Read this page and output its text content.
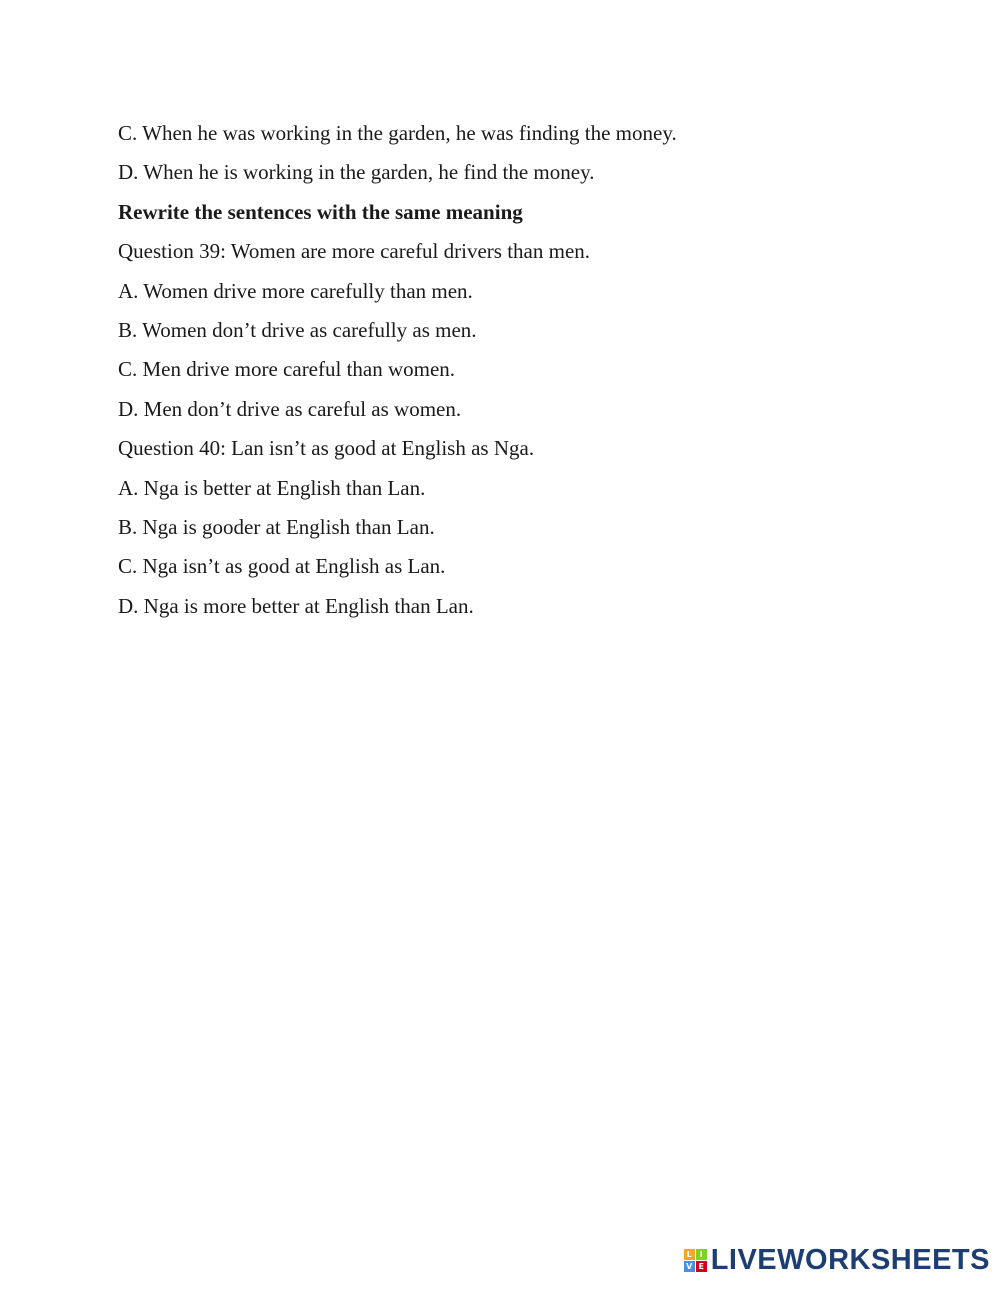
C. When he was working in the garden, he was finding the money.
D. When he is working in the garden, he find the money.
Rewrite the sentences with the same meaning
Question 39: Women are more careful drivers than men.
A. Women drive more carefully than men.
B. Women don’t drive as carefully as men.
C. Men drive more careful than women.
D. Men don’t drive as careful as women.
Question 40: Lan isn’t as good at English as Nga.
A. Nga is better at English than Lan.
B. Nga is gooder at English than Lan.
C. Nga isn’t as good at English as Lan.
D. Nga is more better at English than Lan.
L I
V E LIVEWORKSHEETS
